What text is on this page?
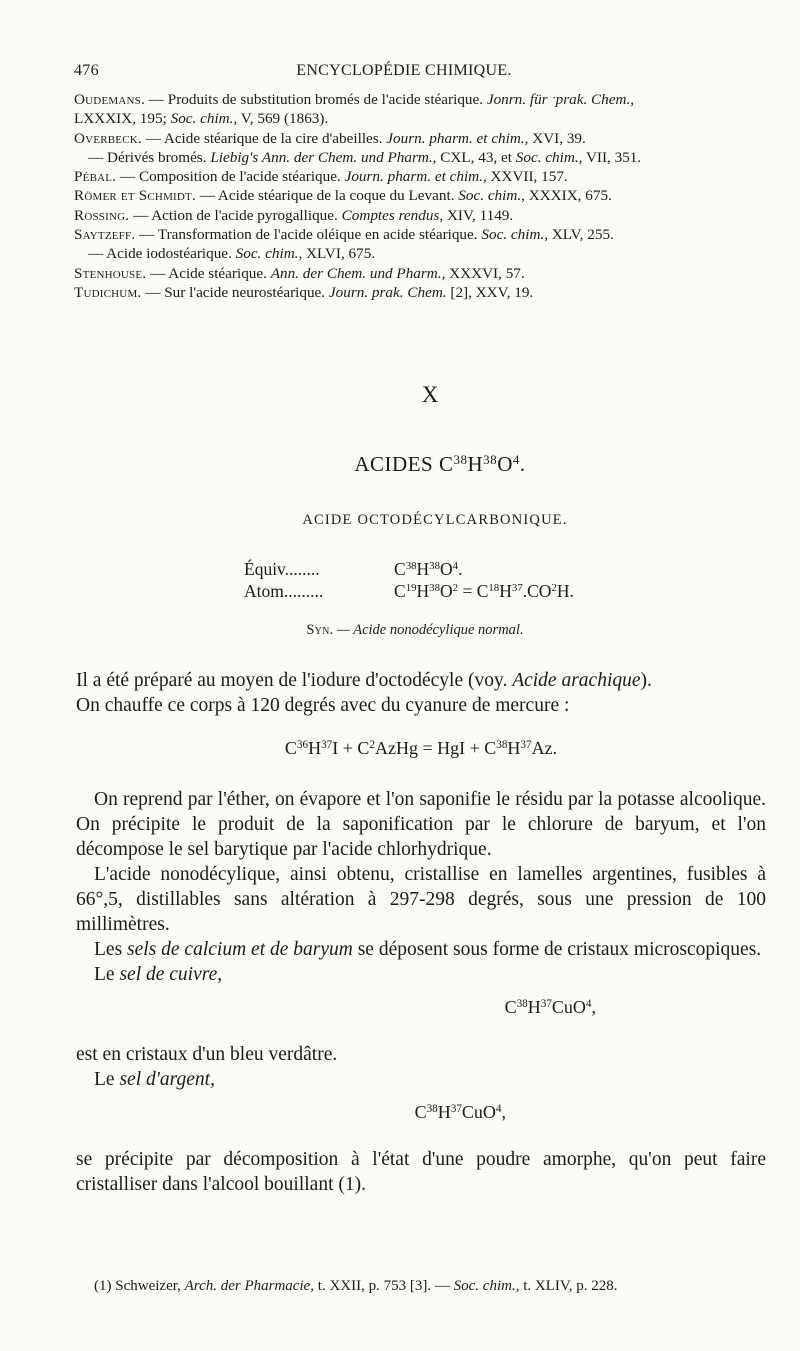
476	ENCYCLOPÉDIE CHIMIQUE.
Oudemans. — Produits de substitution bromés de l'acide stéarique. Jonrn. für ˑprak. Chem.,
LXXXIX, 195; Soc. chim., V, 569 (1863).
Overbeck. — Acide stéarique de la cire d'abeilles. Journ. pharm. et chim., XVI, 39.
— Dérivés bromés. Liebig's Ann. der Chem. und Pharm., CXL, 43, et Soc. chim., VII, 351.
Pébal. — Composition de l'acide stéarique. Journ. pharm. et chim., XXVII, 157.
Römer et Schmidt. — Acide stéarique de la coque du Levant. Soc. chim., XXXIX, 675.
Rossing. — Action de l'acide pyrogallique. Comptes rendus, XIV, 1149.
Saytzeff. — Transformation de l'acide oléique en acide stéarique. Soc. chim., XLV, 255.
— Acide iodostéarique. Soc. chim., XLVI, 675.
Stenhouse. — Acide stéarique. Ann. der Chem. und Pharm., XXXVI, 57.
Tudichum. — Sur l'acide neurostéarique. Journ. prak. Chem. [2], XXV, 19.
X
ACIDES $C^{38}H^{38}O^4$.
ACIDE OCTODÉCYLCARBONIQUE.
Équiv........	$C^{38}H^{38}O^4$.
Atom.........	$C^{19}H^{38}O^2 = C^{18}H^{37}.CO^2H$.
Syn. — Acide nonodécylique normal.

Il a été préparé au moyen de l'iodure d'octodécyle (voy. Acide arachique).

On chauffe ce corps à 120 degrés avec du cyanure de mercure :

$C^{36}H^{37}I$ + $C^2AzHg$ = HgI + $C^{38}H^{37}Az$.

On reprend par l'éther, on évapore et l'on saponifie le résidu par la potasse alcoolique. On précipite le produit de la saponification par le chlorure de baryum, et l'on décompose le sel barytique par l'acide chlorhydrique.

L'acide nonodécylique, ainsi obtenu, cristallise en lamelles argentines, fusibles à 66°,5, distillables sans altération à 297-298 degrés, sous une pression de 100 millimètres.

Les sels de calcium et de baryum se déposent sous forme de cristaux microscopiques.

Le sel de cuivre,

$C^{38}H^{37}CuO^4$,

est en cristaux d'un bleu verdâtre.

Le sel d'argent,

$C^{38}H^{37}CuO^4$,

se précipite par décomposition à l'état d'une poudre amorphe, qu'on peut faire cristalliser dans l'alcool bouillant (1).

(1) Schweizer, Arch. der Pharmacie, t. XXII, p. 753 [3]. — Soc. chim., t. XLIV, p. 228.
